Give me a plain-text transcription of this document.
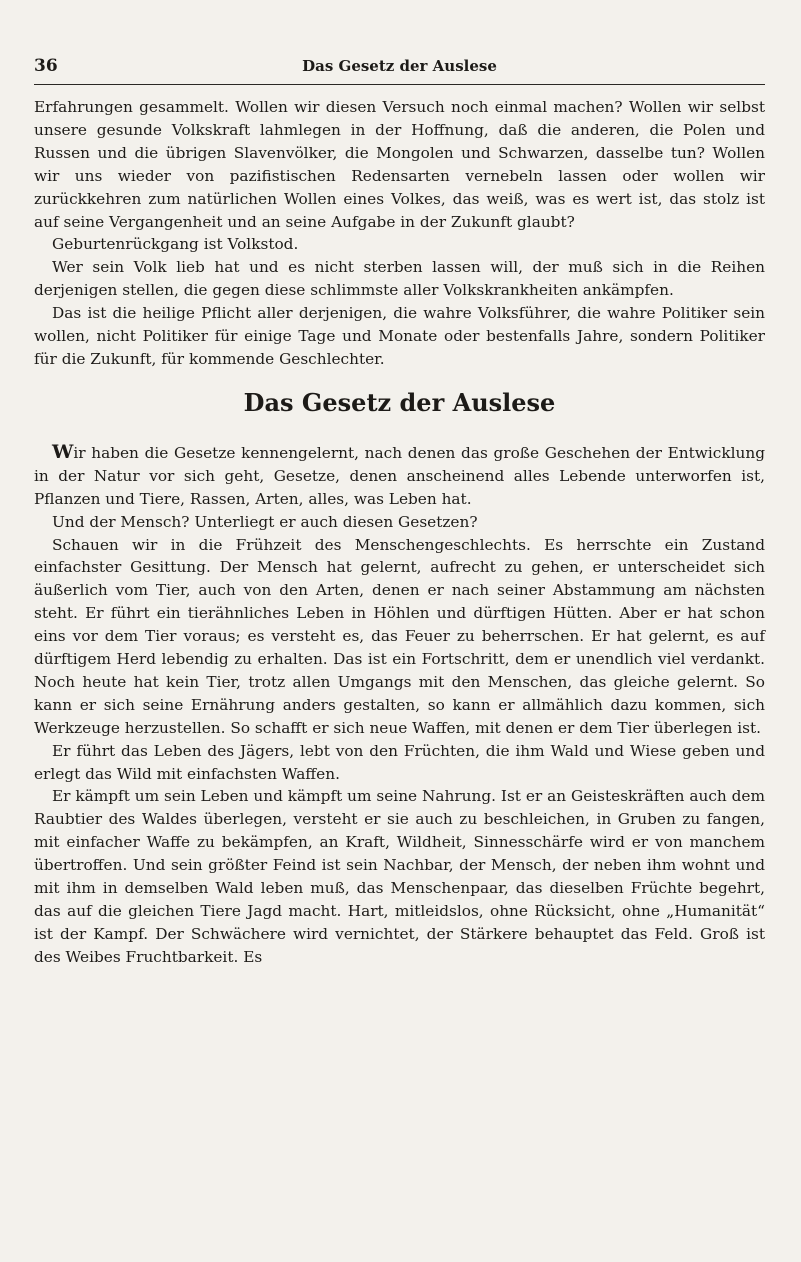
36	Das Gesetz der Auslese

Erfahrungen gesammelt. Wollen wir diesen Versuch noch einmal machen? Wollen wir selbst unsere gesunde Volkskraft lahmlegen in der Hoffnung, daß die anderen, die Polen und Russen und die übrigen Slavenvölker, die Mongolen und Schwarzen, dasselbe tun? Wollen wir uns wieder von pazifistischen Redensarten vernebeln lassen oder wollen wir zurückkehren zum natürlichen Wollen eines Volkes, das weiß, was es wert ist, das stolz ist auf seine Vergangenheit und an seine Aufgabe in der Zukunft glaubt?

Geburtenrückgang ist Volkstod.

Wer sein Volk lieb hat und es nicht sterben lassen will, der muß sich in die Reihen derjenigen stellen, die gegen diese schlimmste aller Volkskrankheiten ankämpfen.

Das ist die heilige Pflicht aller derjenigen, die wahre Volksführer, die wahre Politiker sein wollen, nicht Politiker für einige Tage und Monate oder bestenfalls Jahre, sondern Politiker für die Zukunft, für kommende Geschlechter.

Das Gesetz der Auslese

Wir haben die Gesetze kennengelernt, nach denen das große Geschehen der Entwicklung in der Natur vor sich geht, Gesetze, denen anscheinend alles Lebende unterworfen ist, Pflanzen und Tiere, Rassen, Arten, alles, was Leben hat.

Und der Mensch? Unterliegt er auch diesen Gesetzen?

Schauen wir in die Frühzeit des Menschengeschlechts. Es herrschte ein Zustand einfachster Gesittung. Der Mensch hat gelernt, aufrecht zu gehen, er unterscheidet sich äußerlich vom Tier, auch von den Arten, denen er nach seiner Abstammung am nächsten steht. Er führt ein tierähnliches Leben in Höhlen und dürftigen Hütten. Aber er hat schon eins vor dem Tier voraus; es versteht es, das Feuer zu beherrschen. Er hat gelernt, es auf dürftigem Herd lebendig zu erhalten. Das ist ein Fortschritt, dem er unendlich viel verdankt. Noch heute hat kein Tier, trotz allen Umgangs mit den Menschen, das gleiche gelernt. So kann er sich seine Ernährung anders gestalten, so kann er allmählich dazu kommen, sich Werkzeuge herzustellen. So schafft er sich neue Waffen, mit denen er dem Tier überlegen ist.

Er führt das Leben des Jägers, lebt von den Früchten, die ihm Wald und Wiese geben und erlegt das Wild mit einfachsten Waffen.

Er kämpft um sein Leben und kämpft um seine Nahrung. Ist er an Geisteskräften auch dem Raubtier des Waldes überlegen, versteht er sie auch zu beschleichen, in Gruben zu fangen, mit einfacher Waffe zu bekämpfen, an Kraft, Wildheit, Sinnesschärfe wird er von manchem übertroffen. Und sein größter Feind ist sein Nachbar, der Mensch, der neben ihm wohnt und mit ihm in demselben Wald leben muß, das Menschenpaar, das dieselben Früchte begehrt, das auf die gleichen Tiere Jagd macht. Hart, mitleidslos, ohne Rücksicht, ohne „Humanität“ ist der Kampf. Der Schwächere wird vernichtet, der Stärkere behauptet das Feld. Groß ist des Weibes Fruchtbarkeit. Es
